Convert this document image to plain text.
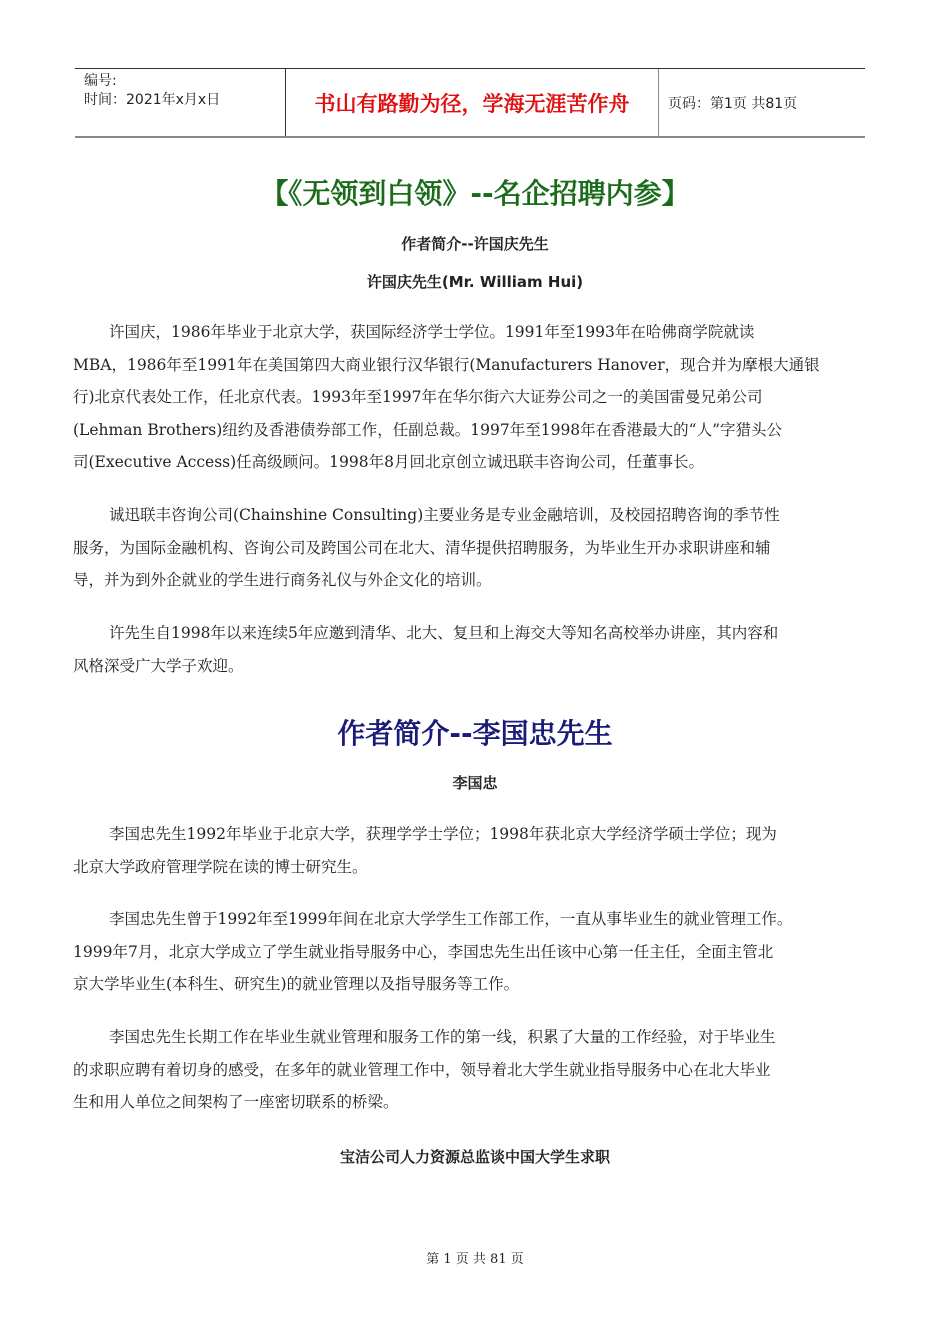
编号:
时间：2021年x月x日	书山有路勤为径，学海无涯苦作舟	页码：第1页 共81页
【《无领到白领》--名企招聘内参】
作者简介--许国庆先生
许国庆先生(Mr. William Hui)
许国庆，1986年毕业于北京大学，获国际经济学士学位。1991年至1993年在哈佛商学院就读
MBA，1986年至1991年在美国第四大商业银行汉华银行(Manufacturers Hanover，现合并为摩根大通银
行)北京代表处工作，任北京代表。1993年至1997年在华尔街六大证券公司之一的美国雷曼兄弟公司
(Lehman Brothers)纽约及香港债券部工作，任副总裁。1997年至1998年在香港最大的“人”字猎头公
司(Executive Access)任高级顾问。1998年8月回北京创立诚迅联丰咨询公司，任董事长。
诚迅联丰咨询公司(Chainshine Consulting)主要业务是专业金融培训，及校园招聘咨询的季节性
服务，为国际金融机构、咨询公司及跨国公司在北大、清华提供招聘服务，为毕业生开办求职讲座和辅
导，并为到外企就业的学生进行商务礼仪与外企文化的培训。
许先生自1998年以来连续5年应邀到清华、北大、复旦和上海交大等知名高校举办讲座，其内容和
风格深受广大学子欢迎。
作者简介--李国忠先生
李国忠
李国忠先生1992年毕业于北京大学，获理学学士学位；1998年获北京大学经济学硕士学位；现为
北京大学政府管理学院在读的博士研究生。
李国忠先生曾于1992年至1999年间在北京大学学生工作部工作，一直从事毕业生的就业管理工作。
1999年7月，北京大学成立了学生就业指导服务中心，李国忠先生出任该中心第一任主任，全面主管北
京大学毕业生(本科生、研究生)的就业管理以及指导服务等工作。
李国忠先生长期工作在毕业生就业管理和服务工作的第一线，积累了大量的工作经验，对于毕业生
的求职应聘有着切身的感受，在多年的就业管理工作中，领导着北大学生就业指导服务中心在北大毕业
生和用人单位之间架构了一座密切联系的桥梁。
宝洁公司人力资源总监谈中国大学生求职
第 1 页 共 81 页
